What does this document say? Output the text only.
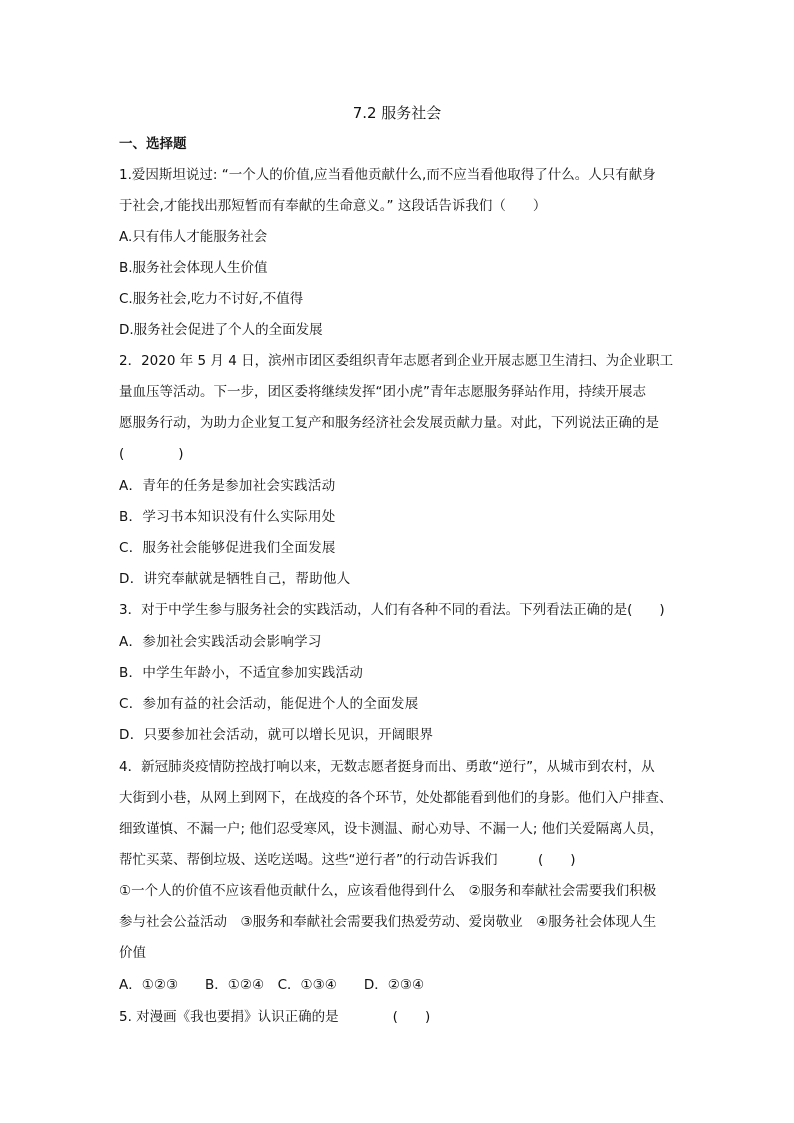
7.2 服务社会
一、选择题
1.爱因斯坦说过: “一个人的价值,应当看他贡献什么,而不应当看他取得了什么。人只有献身
于社会,才能找出那短暂而有奉献的生命意义。” 这段话告诉我们（　　）
A.只有伟人才能服务社会
B.服务社会体现人生价值
C.服务社会,吃力不讨好,不值得
D.服务社会促进了个人的全面发展
2．2020 年 5 月 4 日，滨州市团区委组织青年志愿者到企业开展志愿卫生清扫、为企业职工
量血压等活动。下一步，团区委将继续发挥“团小虎”青年志愿服务驿站作用，持续开展志
愿服务行动，为助力企业复工复产和服务经济社会发展贡献力量。对此，下列说法正确的是
(　　　　)
A．青年的任务是参加社会实践活动
B．学习书本知识没有什么实际用处
C．服务社会能够促进我们全面发展
D．讲究奉献就是牺牲自己，帮助他人
3．对于中学生参与服务社会的实践活动，人们有各种不同的看法。下列看法正确的是(　　)
A．参加社会实践活动会影响学习
B．中学生年龄小，不适宜参加实践活动
C．参加有益的社会活动，能促进个人的全面发展
D．只要参加社会活动，就可以增长见识，开阔眼界
4．新冠肺炎疫情防控战打响以来，无数志愿者挺身而出、勇敢“逆行”，从城市到农村，从
大街到小巷，从网上到网下，在战疫的各个环节，处处都能看到他们的身影。他们入户排查、
细致谨慎、不漏一户; 他们忍受寒风，设卡测温、耐心劝导、不漏一人; 他们关爱隔离人员，
帮忙买菜、帮倒垃圾、送吃送喝。这些“逆行者”的行动告诉我们　　　(　　)
①一个人的价值不应该看他贡献什么，应该看他得到什么　②服务和奉献社会需要我们积极
参与社会公益活动　③服务和奉献社会需要我们热爱劳动、爱岗敬业　④服务社会体现人生
价值
A．①②③　　B．①②④　C．①③④　　D．②③④
5. 对漫画《我也要捐》认识正确的是　　　　(　　)
